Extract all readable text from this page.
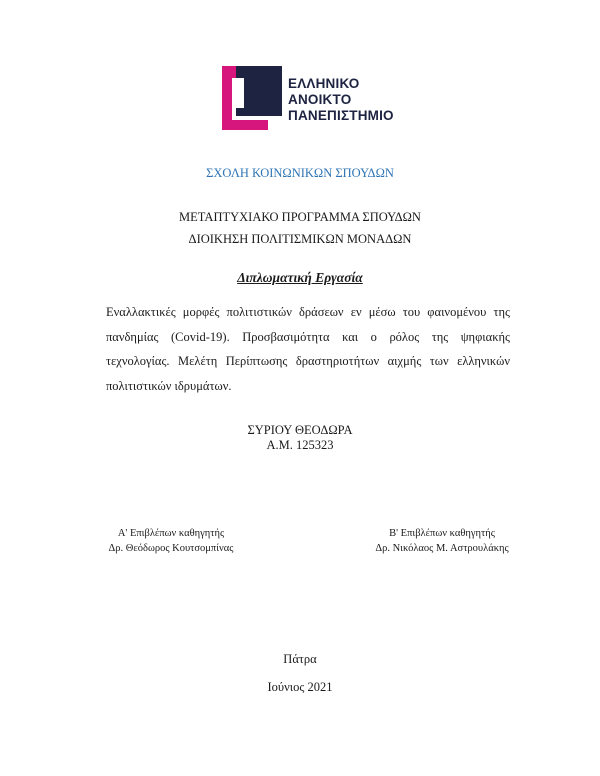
ΕΛΛΗΝΙΚΟ
ΑΝΟΙΚΤΟ
ΠΑΝΕΠΙΣΤΗΜΙΟ
ΣΧΟΛΗ ΚΟΙΝΩΝΙΚΩΝ ΣΠΟΥΔΩΝ
ΜΕΤΑΠΤΥΧΙΑΚΟ ΠΡΟΓΡΑΜΜΑ ΣΠΟΥΔΩΝ
ΔΙΟΙΚΗΣΗ ΠΟΛΙΤΙΣΜΙΚΩΝ ΜΟΝΑΔΩΝ
Διπλωματική Εργασία
Εναλλακτικές μορφές πολιτιστικών δράσεων εν μέσω του φαινομένου της πανδημίας (Covid-19). Προσβασιμότητα και ο ρόλος της ψηφιακής τεχνολογίας. Μελέτη Περίπτωσης δραστηριοτήτων αιχμής των ελληνικών πολιτιστικών ιδρυμάτων.
ΣΥΡΙΟΥ ΘΕΟΔΩΡΑ
Α.Μ. 125323
Α' Επιβλέπων καθηγητής
Δρ. Θεόδωρος Κουτσομπίνας
Β' Επιβλέπων καθηγητής
Δρ. Νικόλαος Μ. Αστρουλάκης
Πάτρα
Ιούνιος 2021
